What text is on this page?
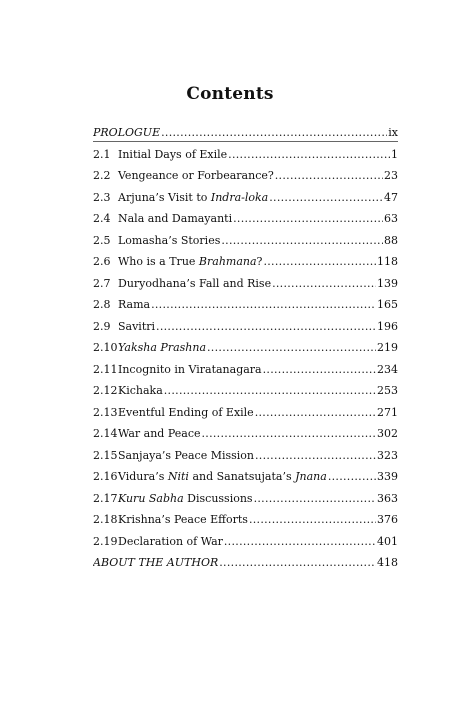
Contents
PROLOGUE .....	ix
2.1 Initial Days of Exile .....	1
2.2 Vengeance or Forbearance? .....	23
2.3 Arjuna’s Visit to Indra-loka .....	47
2.4 Nala and Damayanti .....	63
2.5 Lomasha’s Stories .....	88
2.6 Who is a True Brahmana? .....	118
2.7 Duryodhana’s Fall and Rise .....	139
2.8 Rama .....	165
2.9 Savitri .....	196
2.10 Yaksha Prashna .....	219
2.11 Incognito in Viratanagara .....	234
2.12 Kichaka .....	253
2.13 Eventful Ending of Exile .....	271
2.14 War and Peace .....	302
2.15 Sanjaya’s Peace Mission .....	323
2.16 Vidura’s Niti and Sanatsujata’s Jnana .....	339
2.17 Kuru Sabha Discussions .....	363
2.18 Krishna’s Peace Efforts .....	376
2.19 Declaration of War .....	401
ABOUT THE AUTHOR .....	418
